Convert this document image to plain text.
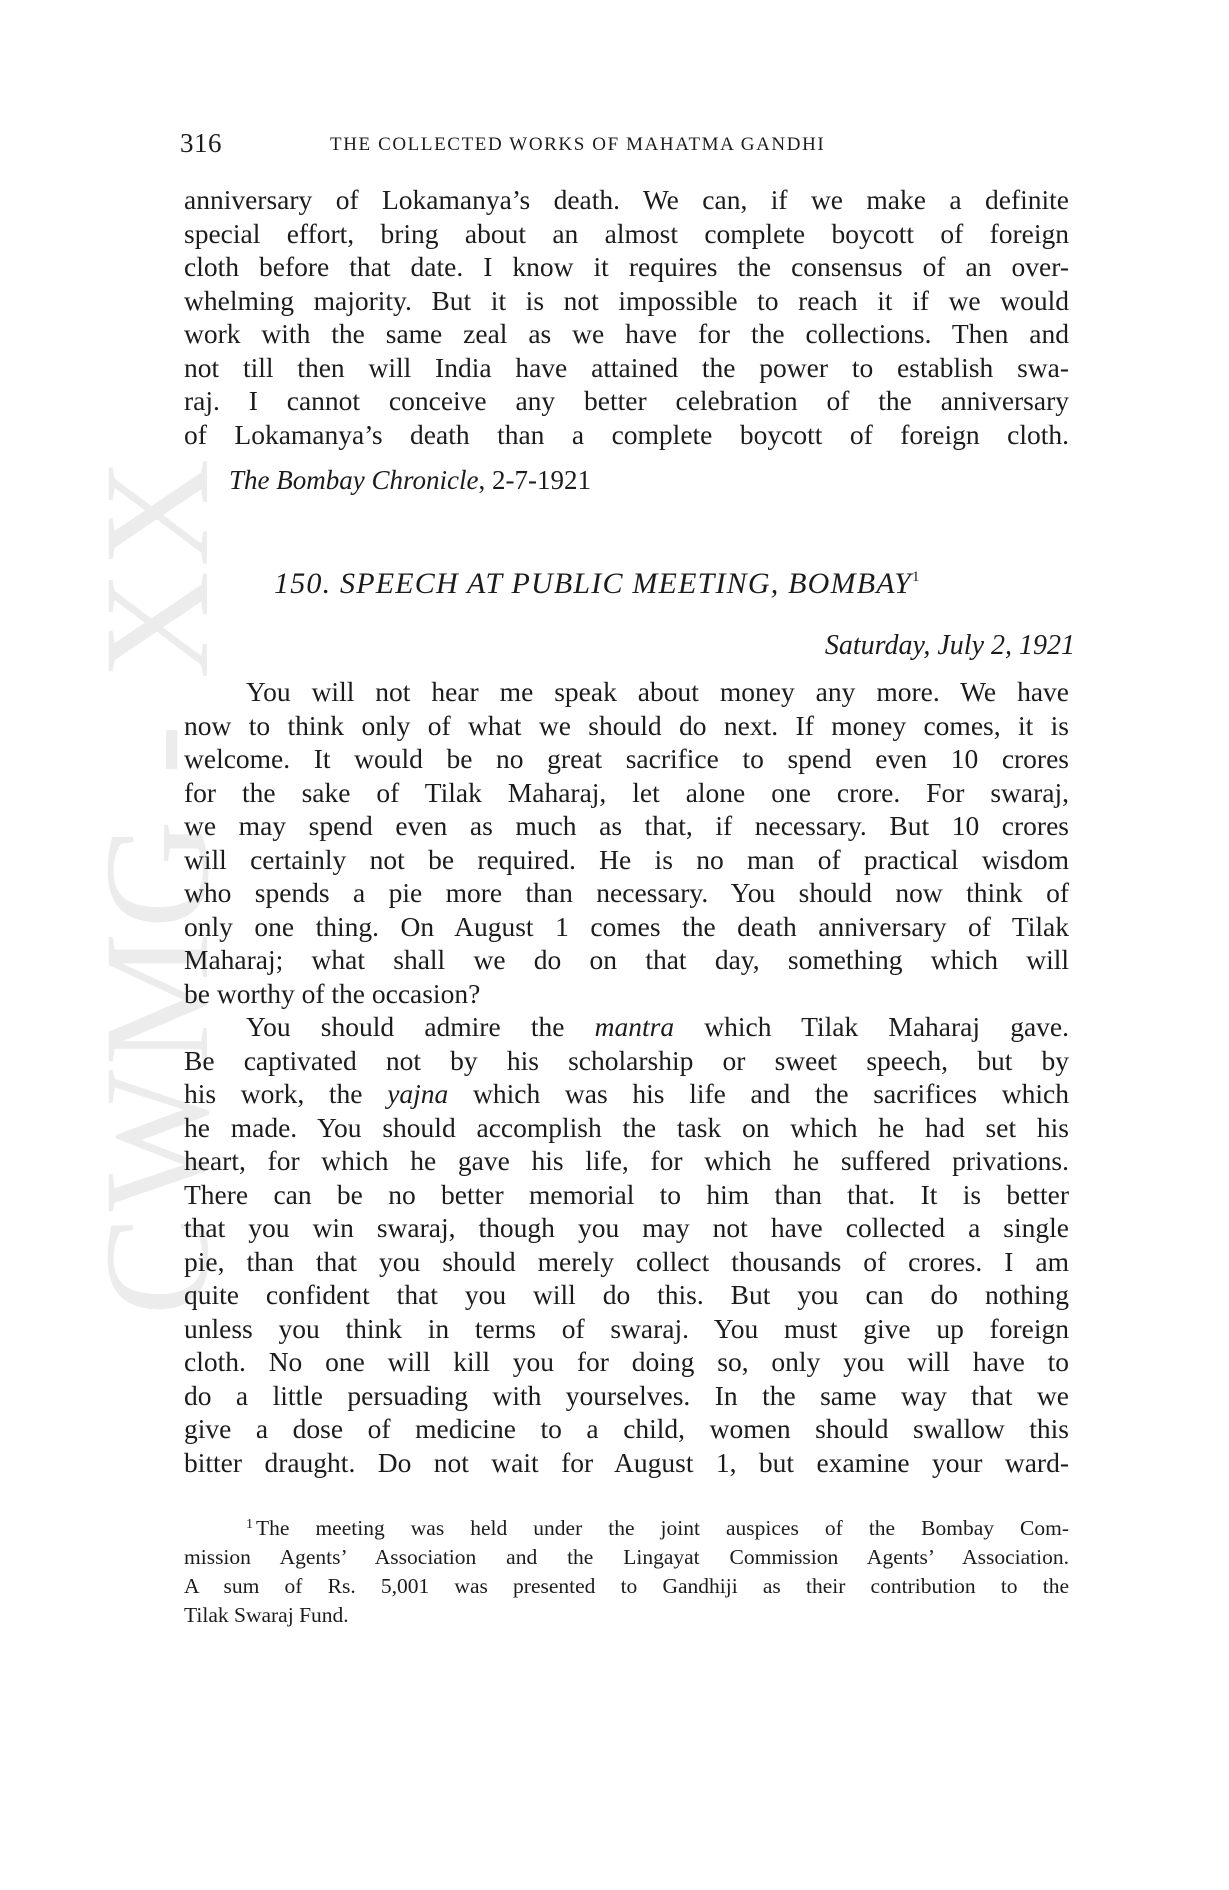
CWMG - XX
316	THE COLLECTED WORKS OF MAHATMA GANDHI
anniversary of Lokamanya’s death. We can, if we make a definite
special effort, bring about an almost complete boycott of foreign
cloth before that date. I know it requires the consensus of an over-
whelming majority. But it is not impossible to reach it if we would
work with the same zeal as we have for the collections. Then and
not till then will India have attained the power to establish swa-
raj. I cannot conceive any better celebration of the anniversary
of Lokamanya’s death than a complete boycott of foreign cloth.
The Bombay Chronicle, 2-7-1921
150. SPEECH AT PUBLIC MEETING, BOMBAY$^1$
Saturday, July 2, 1921
You will not hear me speak about money any more. We have
now to think only of what we should do next. If money comes, it is
welcome. It would be no great sacrifice to spend even 10 crores
for the sake of Tilak Maharaj, let alone one crore. For swaraj,
we may spend even as much as that, if necessary. But 10 crores
will certainly not be required. He is no man of practical wisdom
who spends a pie more than necessary. You should now think of
only one thing. On August 1 comes the death anniversary of Tilak
Maharaj; what shall we do on that day, something which will
be worthy of the occasion?
You should admire the mantra which Tilak Maharaj gave.
Be captivated not by his scholarship or sweet speech, but by
his work, the yajna which was his life and the sacrifices which
he made. You should accomplish the task on which he had set his
heart, for which he gave his life, for which he suffered privations.
There can be no better memorial to him than that. It is better
that you win swaraj, though you may not have collected a single
pie, than that you should merely collect thousands of crores. I am
quite confident that you will do this. But you can do nothing
unless you think in terms of swaraj. You must give up foreign
cloth. No one will kill you for doing so, only you will have to
do a little persuading with yourselves. In the same way that we
give a dose of medicine to a child, women should swallow this
bitter draught. Do not wait for August 1, but examine your ward-
$^1$ The meeting was held under the joint auspices of the Bombay Com-
mission Agents’ Association and the Lingayat Commission Agents’ Association.
A sum of Rs. 5,001 was presented to Gandhiji as their contribution to the
Tilak Swaraj Fund.
